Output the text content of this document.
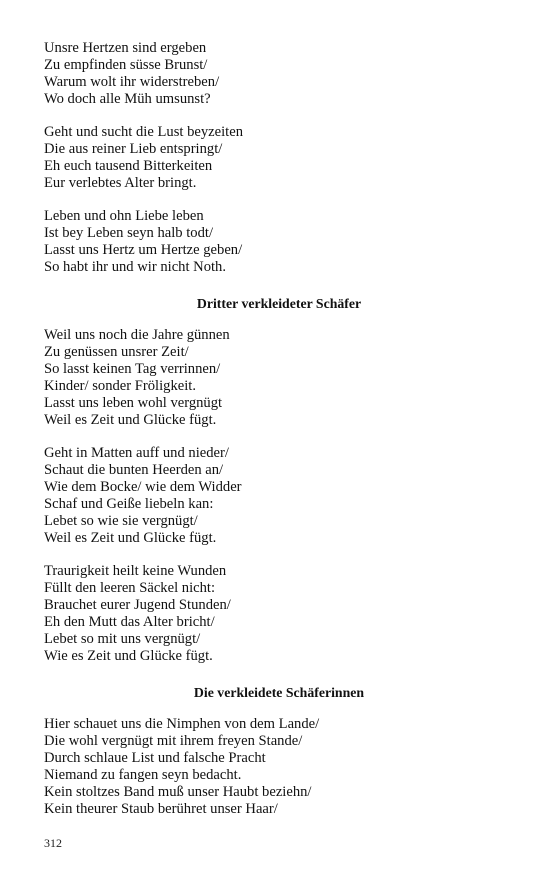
Unsre Hertzen sind ergeben
Zu empfinden süsse Brunst/
Warum wolt ihr widerstreben/
Wo doch alle Müh umsunst?
Geht und sucht die Lust beyzeiten
Die aus reiner Lieb entspringt/
Eh euch tausend Bitterkeiten
Eur verlebtes Alter bringt.
Leben und ohn Liebe leben
Ist bey Leben seyn halb todt/
Lasst uns Hertz um Hertze geben/
So habt ihr und wir nicht Noth.
Dritter verkleideter Schäfer
Weil uns noch die Jahre günnen
Zu genüssen unsrer Zeit/
So lasst keinen Tag verrinnen/
Kinder/ sonder Fröligkeit.
Lasst uns leben wohl vergnügt
Weil es Zeit und Glücke fügt.
Geht in Matten auff und nieder/
Schaut die bunten Heerden an/
Wie dem Bocke/ wie dem Widder
Schaf und Geiße liebeln kan:
Lebet so wie sie vergnügt/
Weil es Zeit und Glücke fügt.
Traurigkeit heilt keine Wunden
Füllt den leeren Säckel nicht:
Brauchet eurer Jugend Stunden/
Eh den Mutt das Alter bricht/
Lebet so mit uns vergnügt/
Wie es Zeit und Glücke fügt.
Die verkleidete Schäferinnen
Hier schauet uns die Nimphen von dem Lande/
Die wohl vergnügt mit ihrem freyen Stande/
Durch schlaue List und falsche Pracht
Niemand zu fangen seyn bedacht.
Kein stoltzes Band muß unser Haubt beziehn/
Kein theurer Staub berühret unser Haar/
312
